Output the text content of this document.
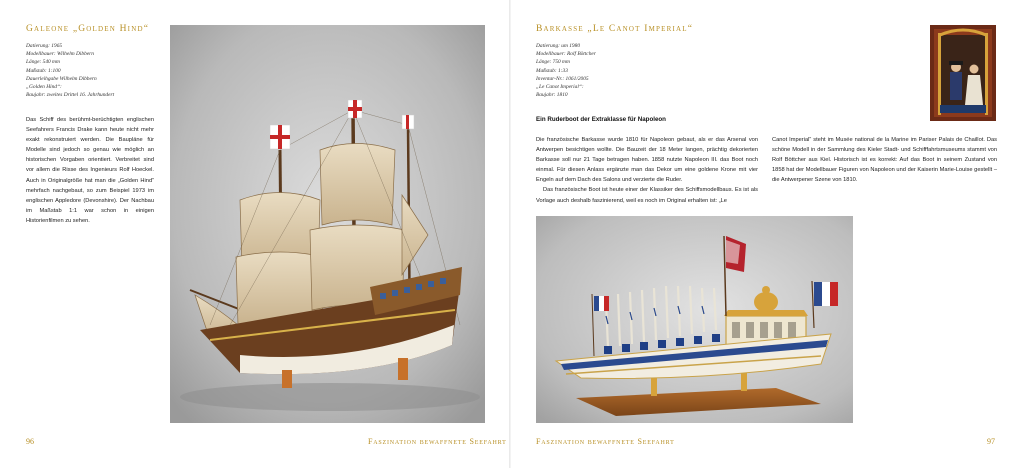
Galeone „Golden Hind“
Datierung: 1965
Modellbauer: Wilhelm Dibbern
Länge: 540 mm
Maßstab: 1:100
Dauerleihgabe Wilhelm Dibbern
„Golden Hind“:
Baujahr: zweites Drittel 16. Jahrhundert

Das Schiff des berühmt-berüchtigten englischen Seefahrers Francis Drake kann heute nicht mehr exakt rekonstruiert werden. Die Baupläne für Modelle sind jedoch so genau wie möglich an historischen Vorgaben orientiert. Verbreitet sind vor allem die Risse des Ingenieurs Rolf Hoeckel. Auch in Originalgröße hat man die „Golden Hind“ mehrfach nachgebaut, so zum Beispiel 1973 im englischen Appledore (Devonshire). Der Nachbau im Maßstab 1:1 war schon in einigen Historienfilmen zu sehen.

96	Faszination bewaffnete Seefahrt
Barkasse „Le Canot Imperial“
Datierung: um 1980
Modellbauer: Rolf Böttcher
Länge: 750 mm
Maßstab: 1:33
Inventar-Nr.: 1061/2005
„Le Canot Imperial“:
Baujahr: 1810
Ein Ruderboot der Extraklasse für Napoleon

Die französische Barkasse wurde 1810 für Napoleon gebaut, als er das Arsenal von Antwerpen besichtigen wollte. Die Bauzeit der 18 Meter langen, prächtig dekorierten Barkasse soll nur 21 Tage betragen haben. 1858 nutzte Napoleon III. das Boot noch einmal. Für diesen Anlass ergänzte man das Dekor um eine goldene Krone mit vier Engeln auf dem Dach des Salons und verzierte die Ruder.

Das französische Boot ist heute einer der Klassiker des Schiffsmodellbaus. Es ist als Vorlage auch deshalb faszinierend, weil es noch im Original erhalten ist: „Le

Canot Imperial“ steht im Musée national de la Marine im Pariser Palais de Chaillot. Das schöne Modell in der Sammlung des Kieler Stadt- und Schifffahrtsmuseums stammt von Rolf Böttcher aus Kiel. Historisch ist es korrekt: Auf das Boot in seinem Zustand von 1858 hat der Modellbauer Figuren von Napoleon und der Kaiserin Marie-Louise gestellt – die Antwerpener Szene von 1810.

Faszination bewaffnete Seefahrt	97
